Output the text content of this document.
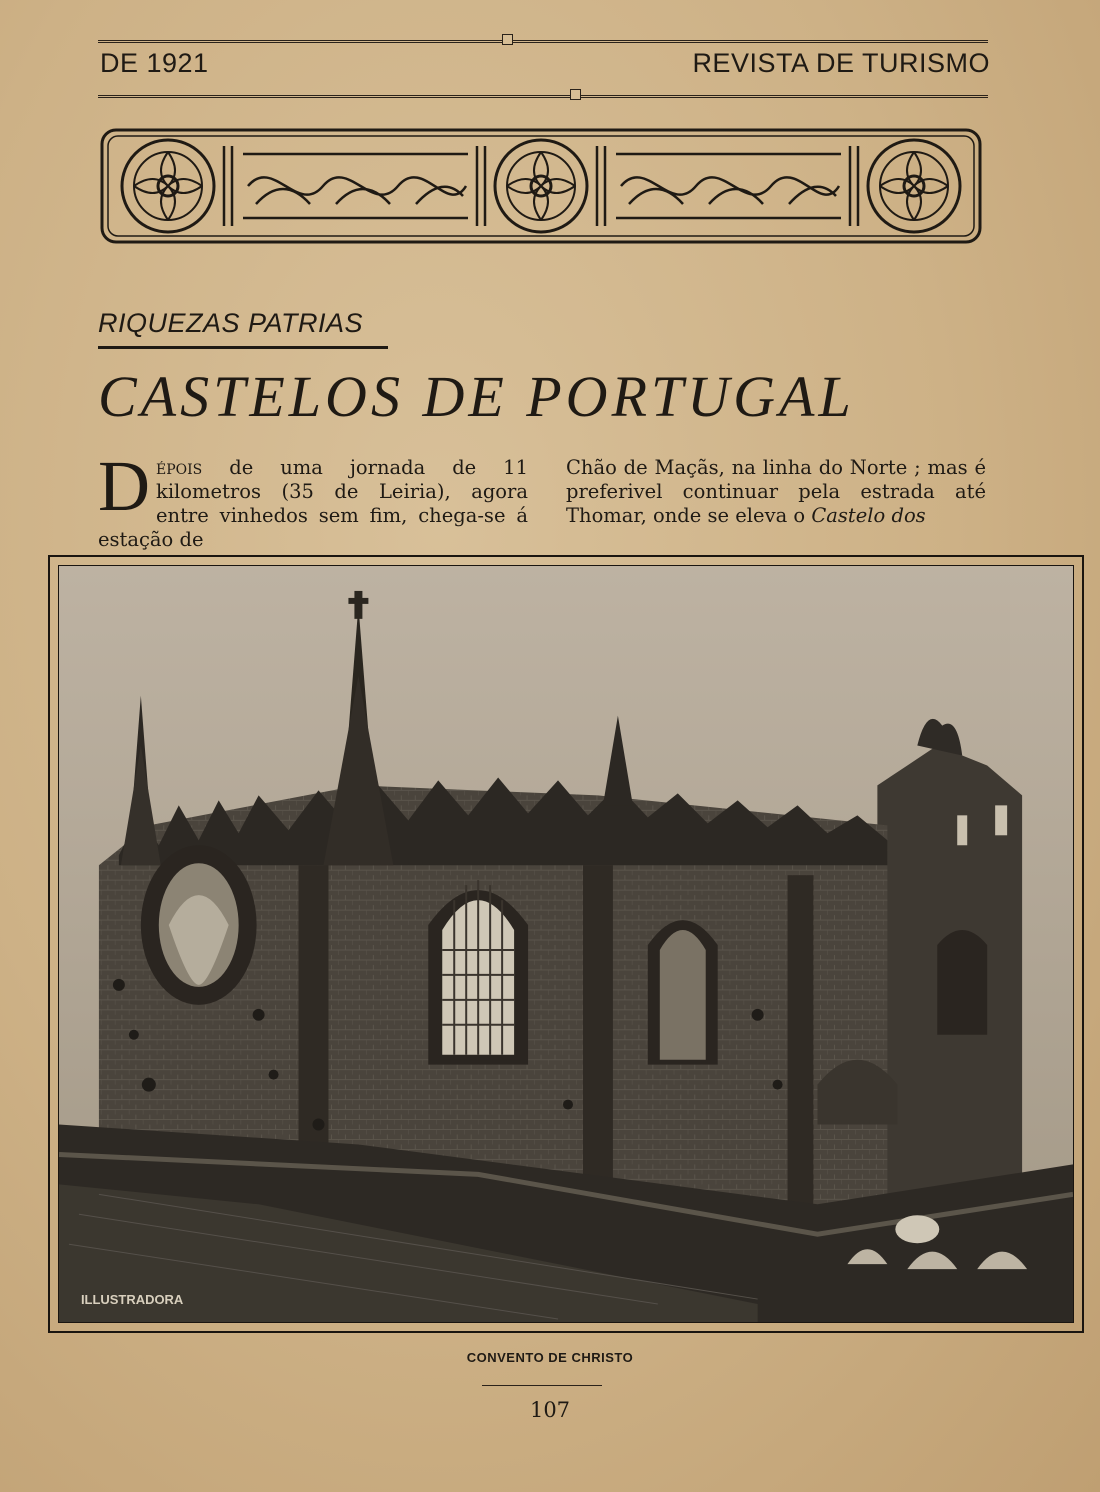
DE 1921	REVISTA DE TURISMO
RIQUEZAS PATRIAS
CASTELOS DE PORTUGAL
Dépois de uma jornada de 11 kilometros (35 de Leiria), agora entre vinhedos sem fim, chega-se á estação de
Chão de Maçãs, na linha do Norte ; mas é preferivel continuar pela estrada até Thomar, onde se eleva o Castelo dos
ILLUSTRADORA
CONVENTO DE CHRISTO
107
